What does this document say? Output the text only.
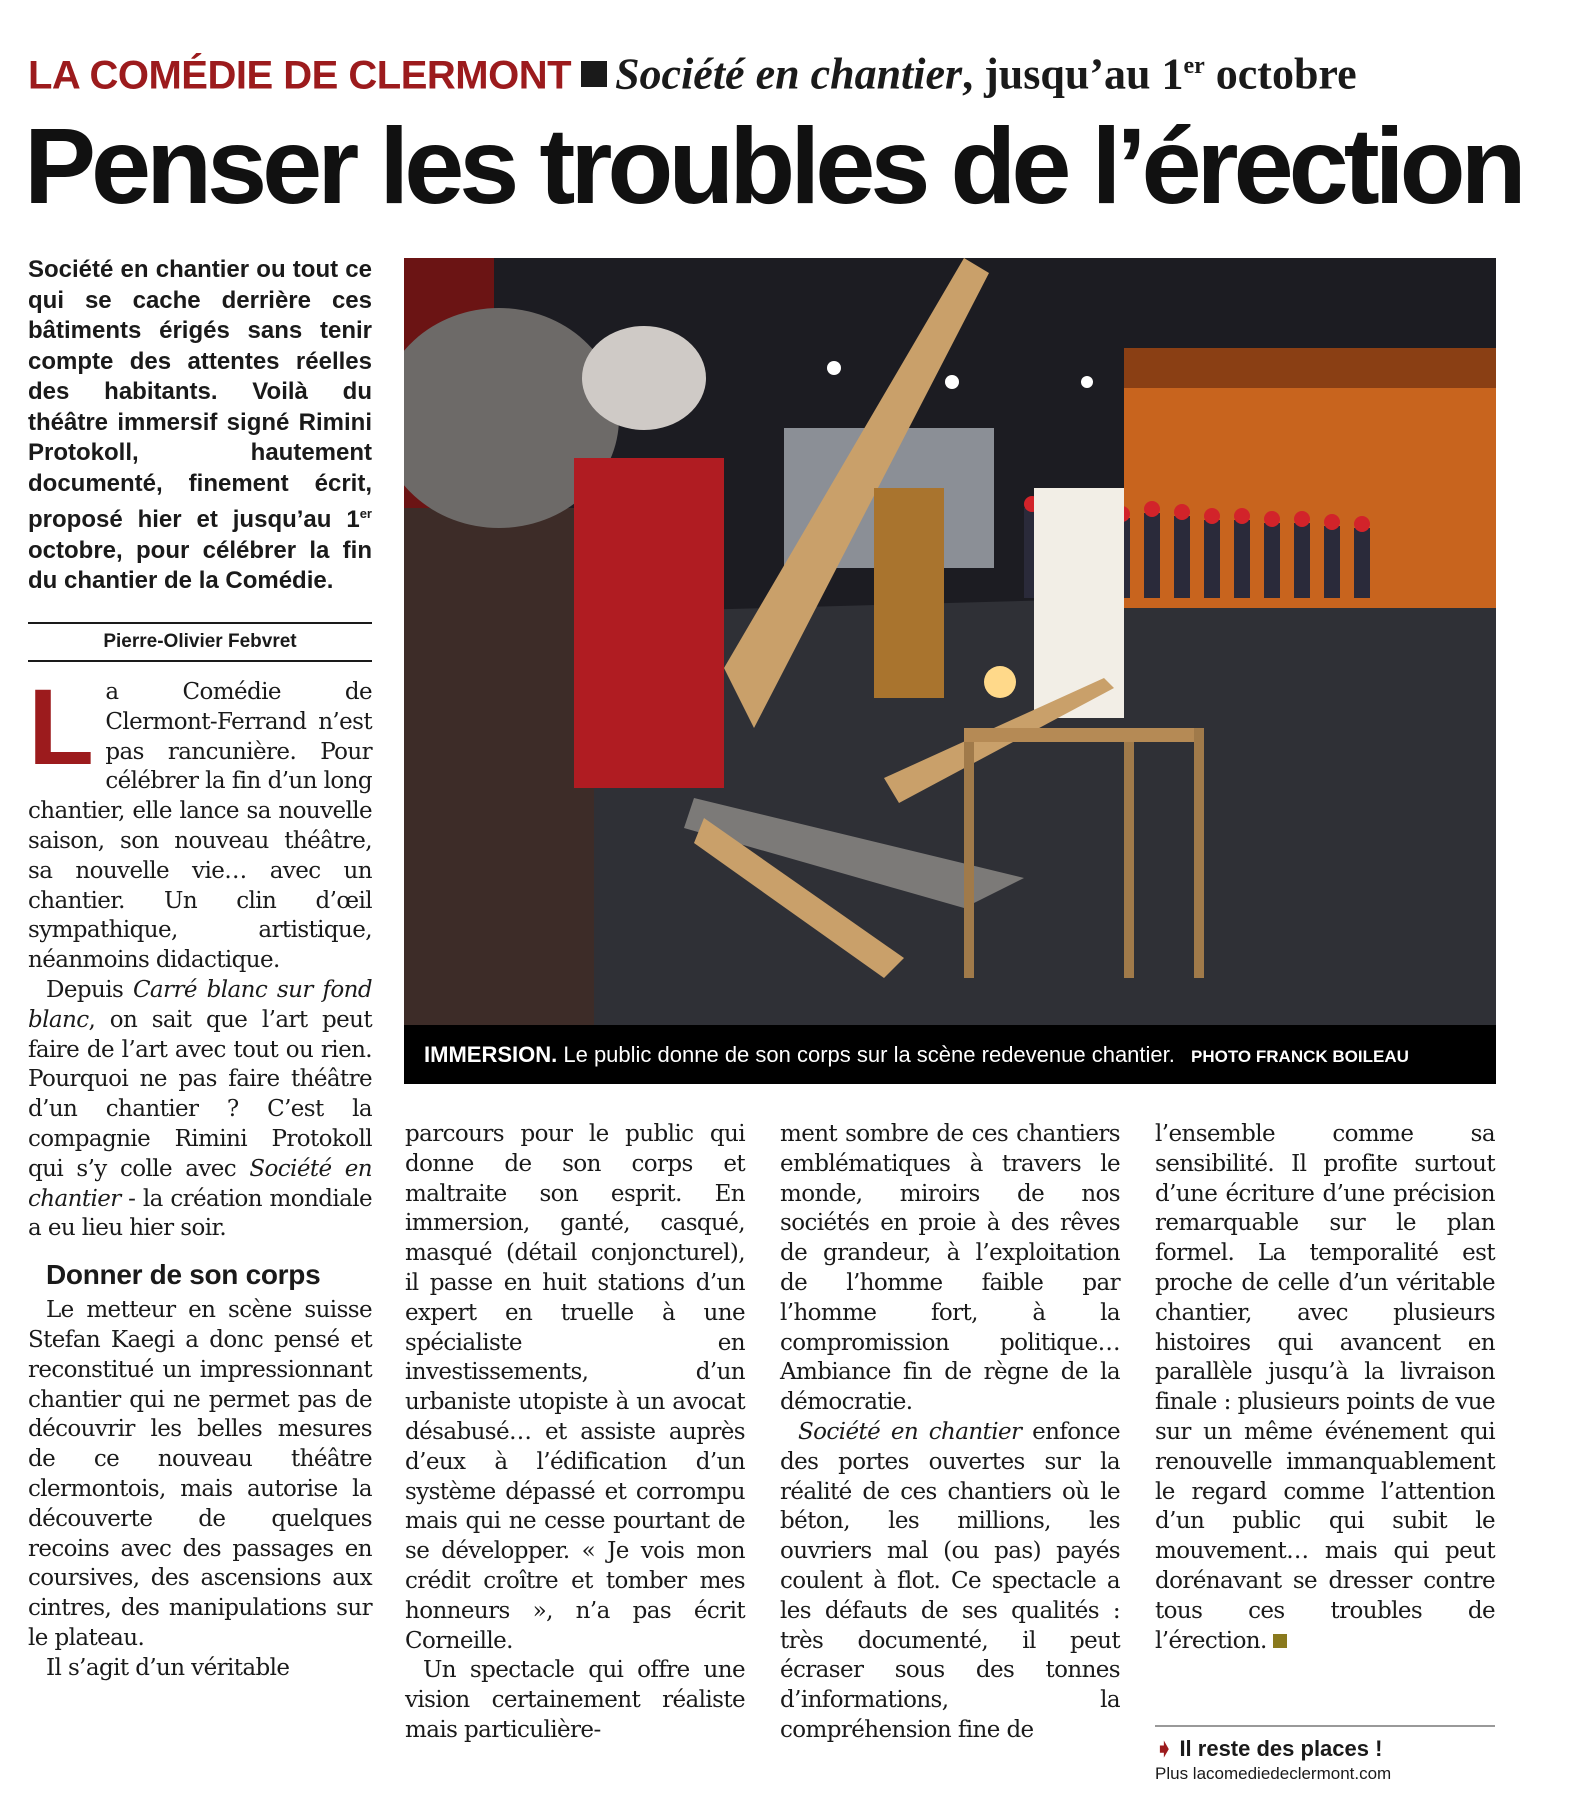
LA COMÉDIE DE CLERMONT Société en chantier, jusqu’au 1er octobre
Penser les troubles de l’érection
Société en chantier ou tout ce qui se cache derrière ces bâtiments érigés sans tenir compte des attentes réelles des habitants. Voilà du théâtre immersif signé Rimini Protokoll, hautement documenté, finement écrit, proposé hier et jusqu’au 1er octobre, pour célébrer la fin du chantier de la Comédie.
Pierre-Olivier Febvret
L a Comédie de Clermont-Ferrand n’est pas rancunière. Pour célébrer la fin d’un long chantier, elle lance sa nouvelle saison, son nouveau théâtre, sa nouvelle vie… avec un chantier. Un clin d’œil sympathique, artistique, néanmoins didactique.

Depuis Carré blanc sur fond blanc, on sait que l’art peut faire de l’art avec tout ou rien. Pourquoi ne pas faire théâtre d’un chantier ? C’est la compagnie Rimini Protokoll qui s’y colle avec Société en chantier - la création mondiale a eu lieu hier soir.

Donner de son corps

Le metteur en scène suisse Stefan Kaegi a donc pensé et reconstitué un impressionnant chantier qui ne permet pas de découvrir les belles mesures de ce nouveau théâtre clermontois, mais autorise la découverte de quelques recoins avec des passages en coursives, des ascensions aux cintres, des manipulations sur le plateau.

Il s’agit d’un véritable

IMMERSION. Le public donne de son corps sur la scène redevenue chantier. PHOTO FRANCK BOILEAU

parcours pour le public qui donne de son corps et maltraite son esprit. En immersion, ganté, casqué, masqué (détail conjoncturel), il passe en huit stations d’un expert en truelle à une spécialiste en investissements, d’un urbaniste utopiste à un avocat désabusé… et assiste auprès d’eux à l’édification d’un système dépassé et corrompu mais qui ne cesse pourtant de se développer. « Je vois mon crédit croître et tomber mes honneurs », n’a pas écrit Corneille.

Un spectacle qui offre une vision certainement réaliste mais particulière-

ment sombre de ces chantiers emblématiques à travers le monde, miroirs de nos sociétés en proie à des rêves de grandeur, à l’exploitation de l’homme faible par l’homme fort, à la compromission politique… Ambiance fin de règne de la démocratie.

Société en chantier enfonce des portes ouvertes sur la réalité de ces chantiers où le béton, les millions, les ouvriers mal (ou pas) payés coulent à flot. Ce spectacle a les défauts de ses qualités : très documenté, il peut écraser sous des tonnes d’informations, la compréhension fine de

l’ensemble comme sa sensibilité. Il profite surtout d’une écriture d’une précision remarquable sur le plan formel. La temporalité est proche de celle d’un véritable chantier, avec plusieurs histoires qui avancent en parallèle jusqu’à la livraison finale : plusieurs points de vue sur un même événement qui renouvelle immanquablement le regard comme l’attention d’un public qui subit le mouvement… mais qui peut dorénavant se dresser contre tous ces troubles de l’érection.

➧ Il reste des places !
Plus lacomediedeclermont.com
